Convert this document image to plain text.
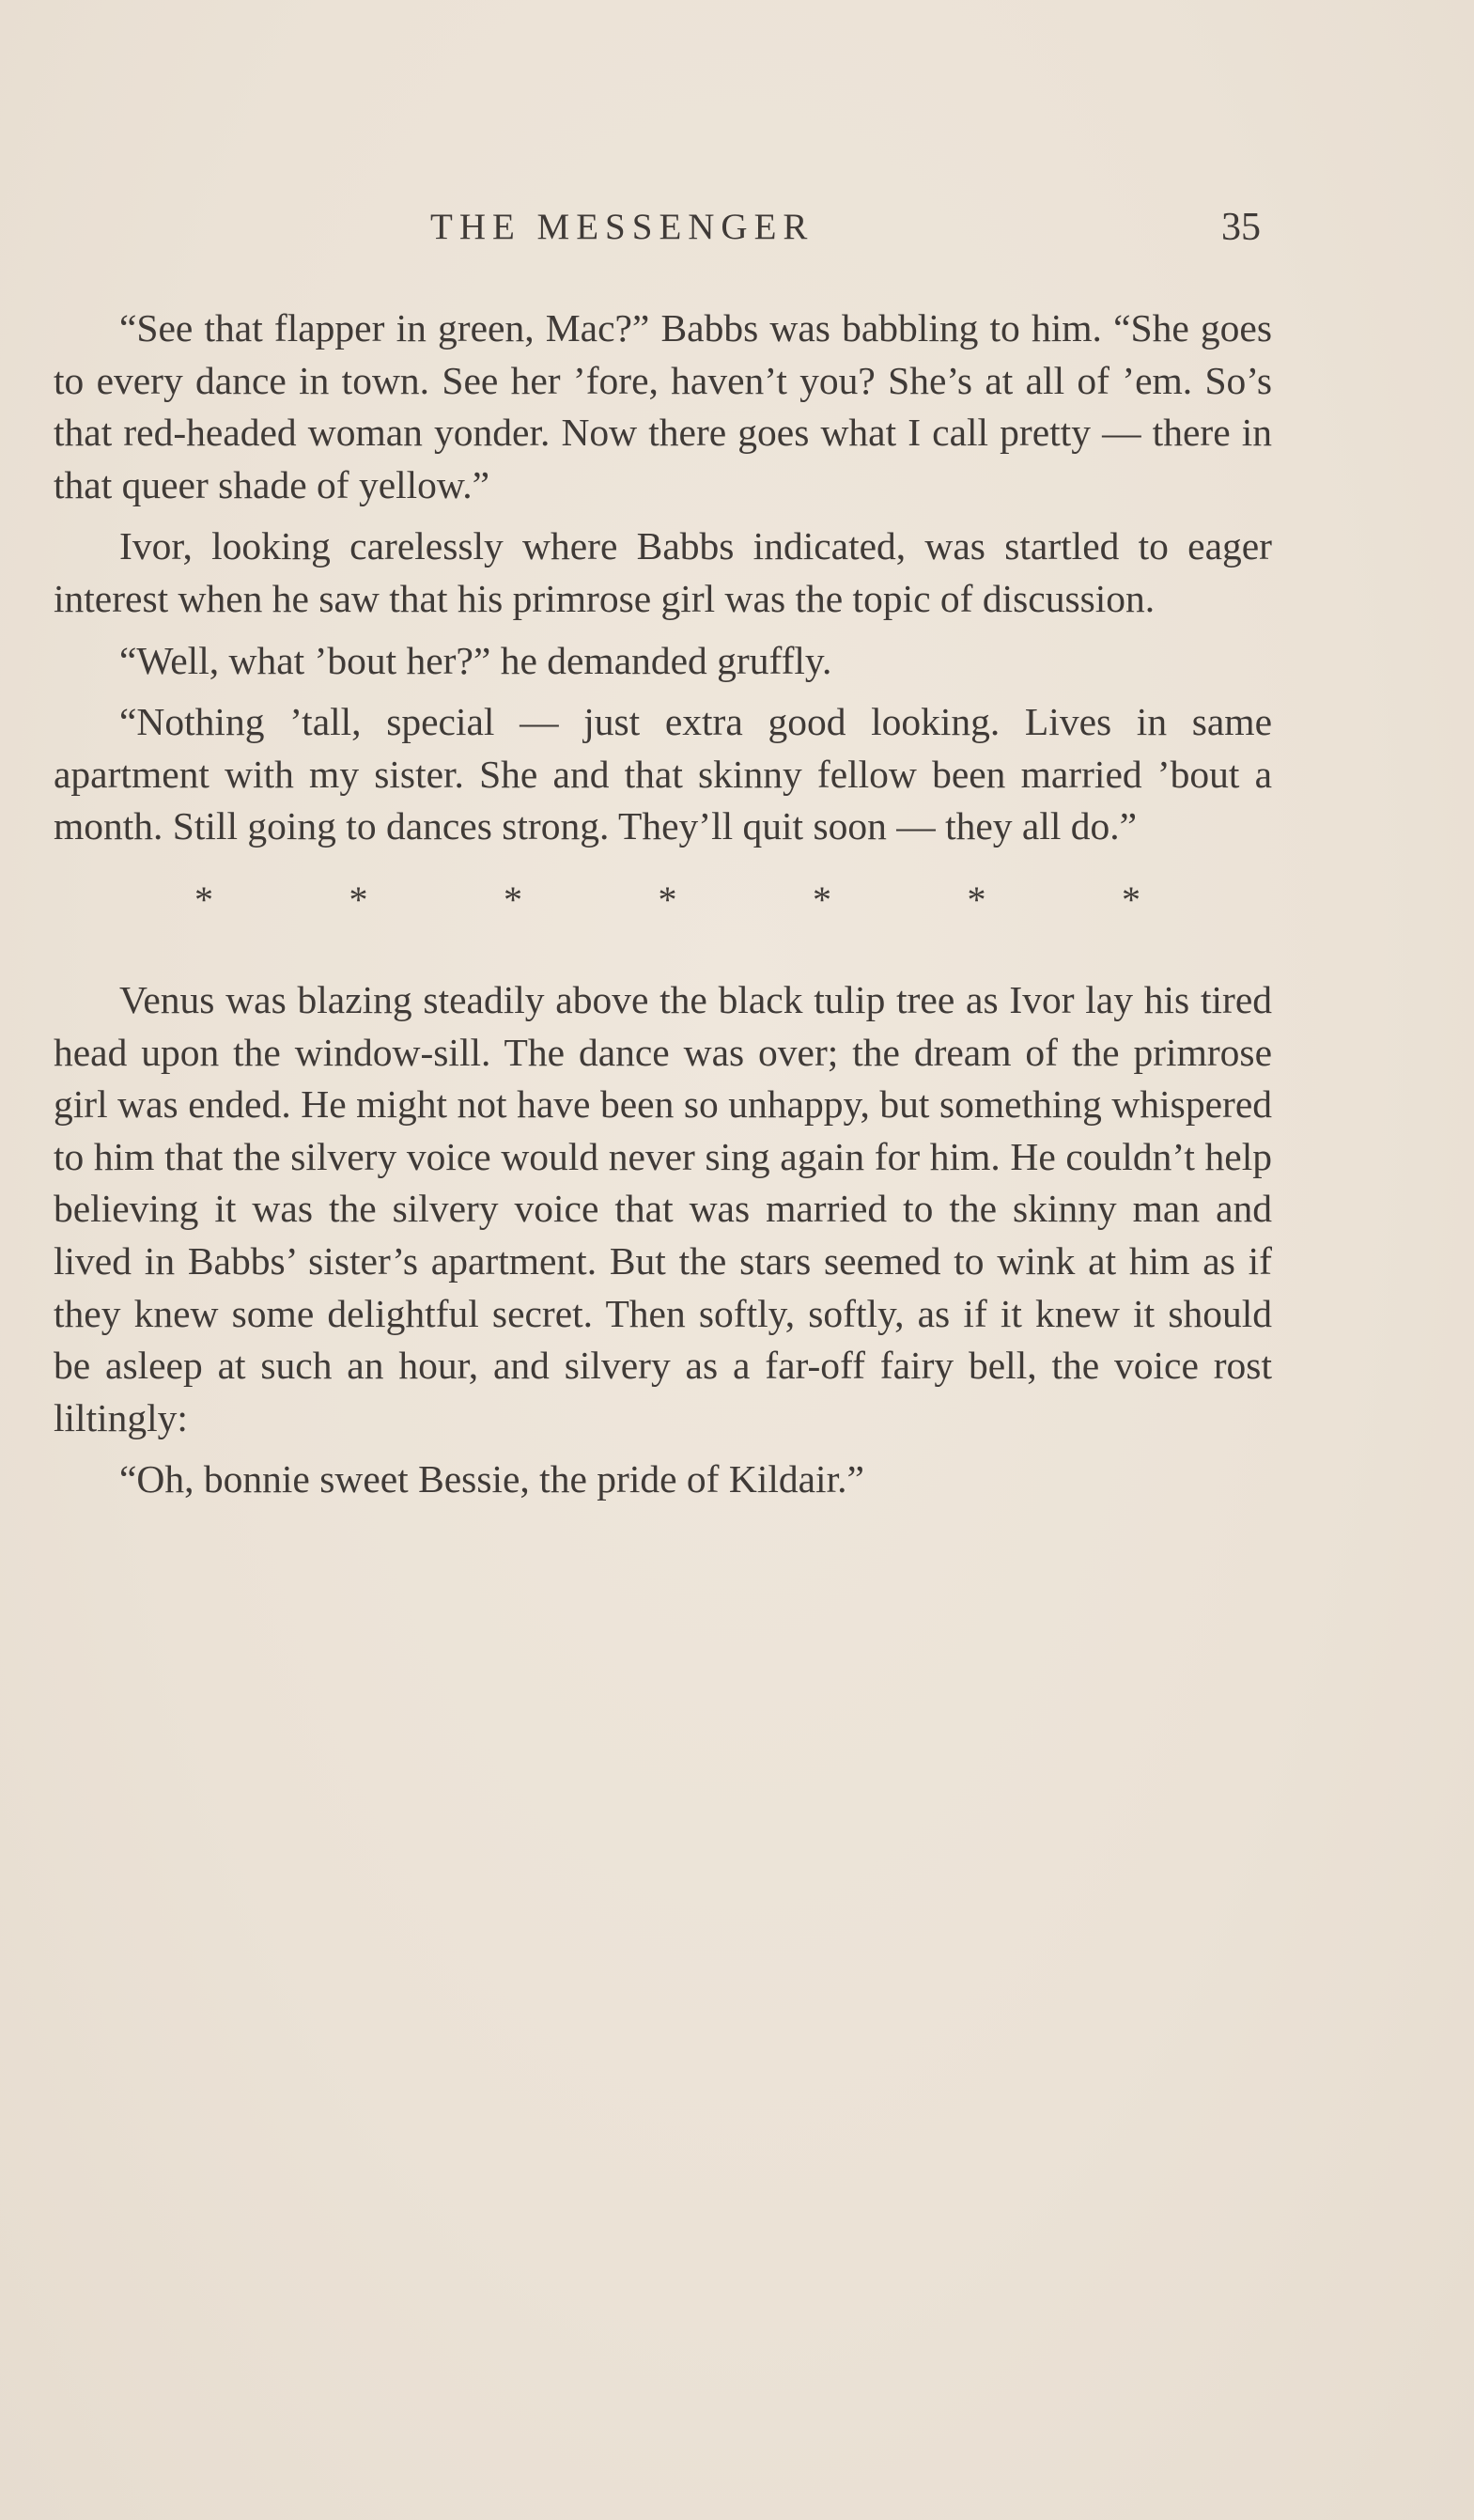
THE MESSENGER	35

“See that flapper in green, Mac?” Babbs was babbling to him. “She goes to every dance in town. See her ’fore, haven’t you? She’s at all of ’em. So’s that red-headed woman yonder. Now there goes what I call pretty — there in that queer shade of yellow.”

Ivor, looking carelessly where Babbs indicated, was startled to eager interest when he saw that his primrose girl was the topic of discussion.

“Well, what ’bout her?” he demanded gruffly.

“Nothing ’tall, special — just extra good looking. Lives in same apartment with my sister. She and that skinny fellow been married ’bout a month. Still going to dances strong. They’ll quit soon — they all do.”

*	*	*	*	*	*	*

Venus was blazing steadily above the black tulip tree as Ivor lay his tired head upon the window-sill. The dance was over; the dream of the primrose girl was ended. He might not have been so unhappy, but something whispered to him that the silvery voice would never sing again for him. He couldn’t help believing it was the silvery voice that was married to the skinny man and lived in Babbs’ sister’s apartment. But the stars seemed to wink at him as if they knew some delightful secret. Then softly, softly, as if it knew it should be asleep at such an hour, and silvery as a far-off fairy bell, the voice rost liltingly:

“Oh, bonnie sweet Bessie, the pride of Kildair.”
